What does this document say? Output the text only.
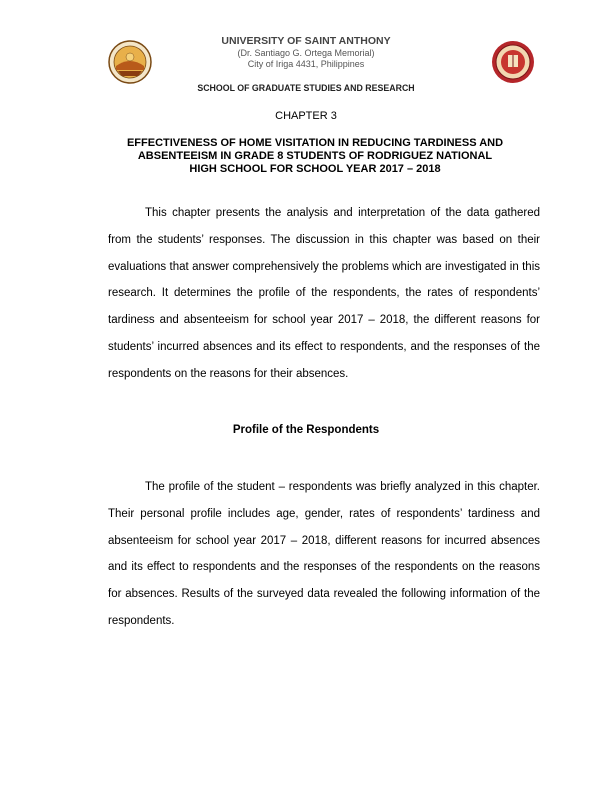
UNIVERSITY OF SAINT ANTHONY
(Dr. Santiago G. Ortega Memorial)
City of Iriga 4431, Philippines
SCHOOL OF GRADUATE STUDIES AND RESEARCH
CHAPTER 3
EFFECTIVENESS OF HOME VISITATION IN REDUCING TARDINESS AND
ABSENTEEISM IN GRADE 8 STUDENTS OF RODRIGUEZ NATIONAL
HIGH SCHOOL FOR SCHOOL YEAR 2017 – 2018
This chapter presents the analysis and interpretation of the data gathered from the students’ responses. The discussion in this chapter was based on their evaluations that answer comprehensively the problems which are investigated in this research. It determines the profile of the respondents, the rates of respondents’ tardiness and absenteeism for school year 2017 – 2018, the different reasons for students’ incurred absences and its effect to respondents, and the responses of the respondents on the reasons for their absences.
Profile of the Respondents
The profile of the student – respondents was briefly analyzed in this chapter. Their personal profile includes age, gender, rates of respondents’ tardiness and absenteeism for school year 2017 – 2018, different reasons for incurred absences and its effect to respondents and the responses of the respondents on the reasons for absences. Results of the surveyed data revealed the following information of the respondents.
